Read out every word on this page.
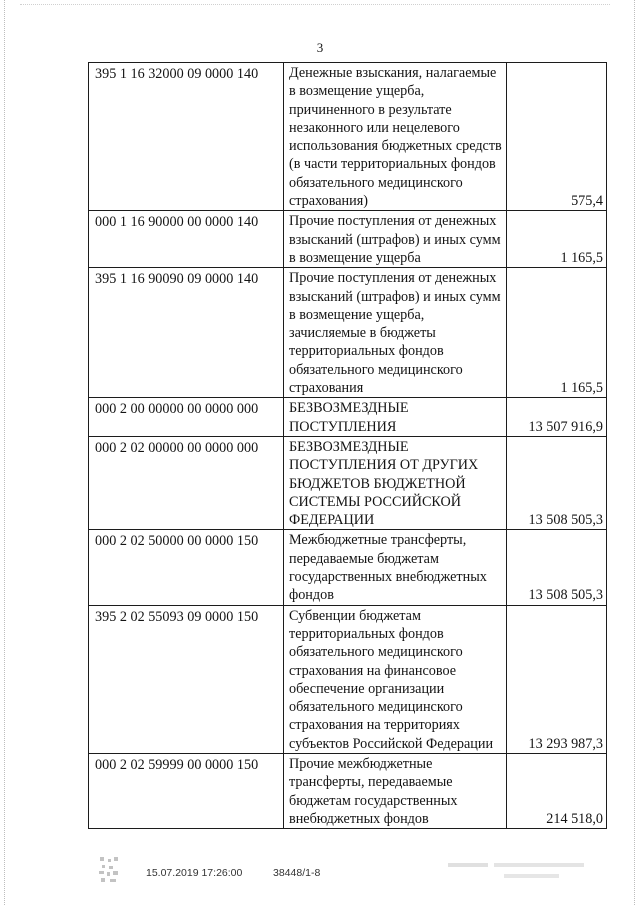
3
395 1 16 32000 09 0000 140	Денежные взыскания, налагаемые в возмещение ущерба, причиненного в результате незаконного или нецелевого использования бюджетных средств (в части территориальных фондов обязательного медицинского страхования)	575,4
000 1 16 90000 00 0000 140	Прочие поступления от денежных взысканий (штрафов) и иных сумм в возмещение ущерба	1 165,5
395 1 16 90090 09 0000 140	Прочие поступления от денежных взысканий (штрафов) и иных сумм в возмещение ущерба, зачисляемые в бюджеты территориальных фондов обязательного медицинского страхования	1 165,5
000 2 00 00000 00 0000 000	БЕЗВОЗМЕЗДНЫЕ ПОСТУПЛЕНИЯ	13 507 916,9
000 2 02 00000 00 0000 000	БЕЗВОЗМЕЗДНЫЕ ПОСТУПЛЕНИЯ ОТ ДРУГИХ БЮДЖЕТОВ БЮДЖЕТНОЙ СИСТЕМЫ РОССИЙСКОЙ ФЕДЕРАЦИИ	13 508 505,3
000 2 02 50000 00 0000 150	Межбюджетные трансферты, передаваемые бюджетам государственных внебюджетных фондов	13 508 505,3
395 2 02 55093 09 0000 150	Субвенции бюджетам территориальных фондов обязательного медицинского страхования на финансовое обеспечение организации обязательного медицинского страхования на территориях субъектов Российской Федерации	13 293 987,3
000 2 02 59999 00 0000 150	Прочие межбюджетные трансферты, передаваемые бюджетам государственных внебюджетных фондов	214 518,0
15.07.2019 17:26:00	38448/1-8
